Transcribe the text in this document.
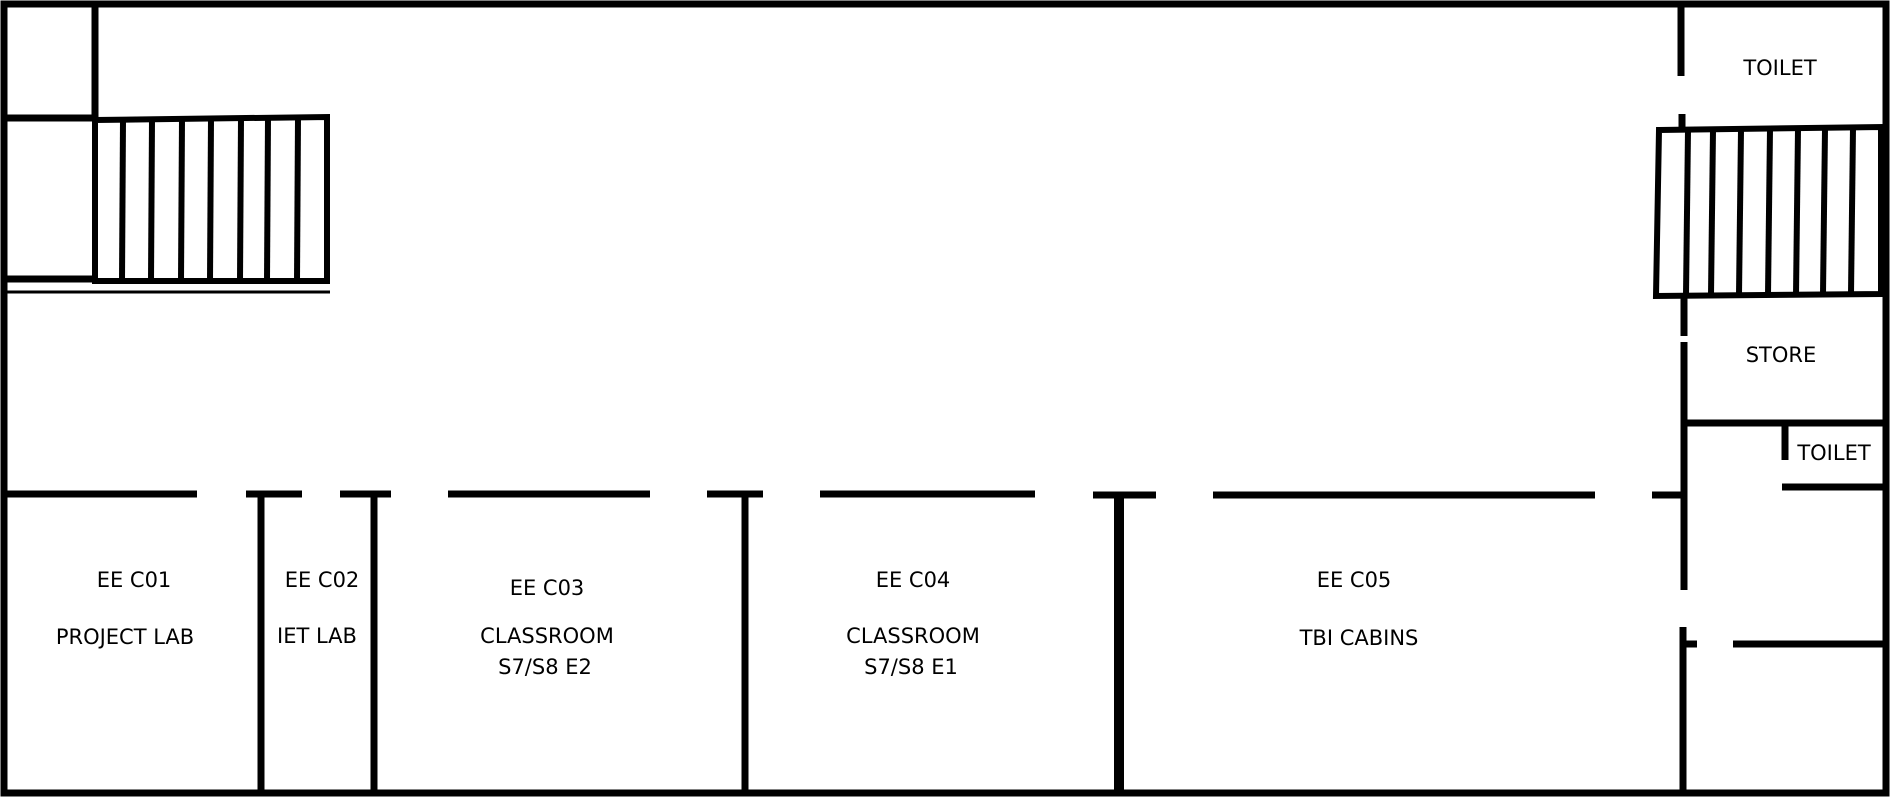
TOILET
STORE
TOILET
EE C01
PROJECT LAB
EE C02
IET LAB
EE C03
CLASSROOM
S7/S8 E2
EE C04
CLASSROOM
S7/S8 E1
EE C05
TBI CABINS
